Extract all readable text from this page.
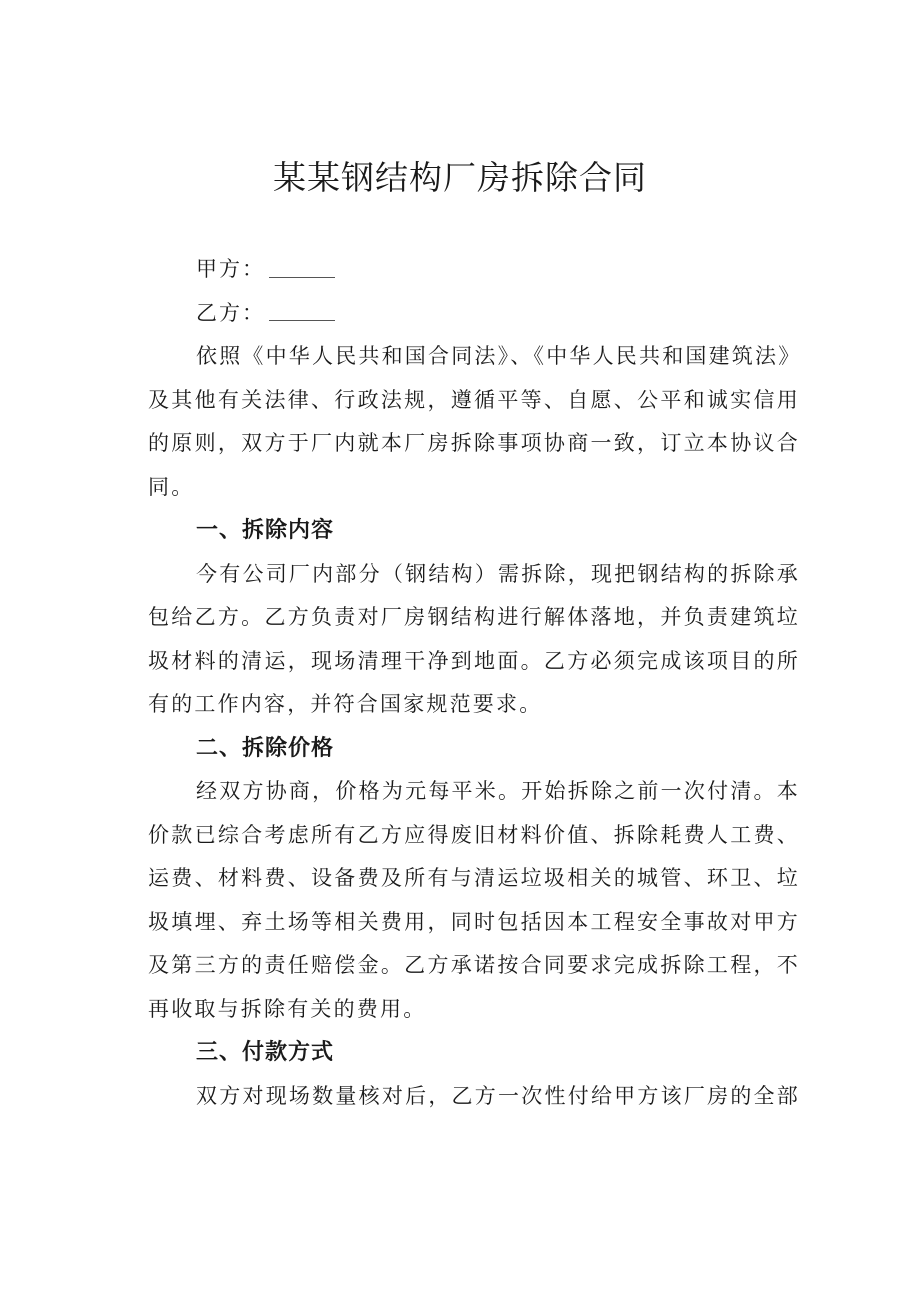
某某钢结构厂房拆除合同
甲方：
乙方：

依照《中华人民共和国合同法》、《中华人民共和国建筑法》

及其他有关法律、行政法规，遵循平等、自愿、公平和诚实信用

的原则，双方于厂内就本厂房拆除事项协商一致，订立本协议合

同。

一、拆除内容

今有公司厂内部分（钢结构）需拆除，现把钢结构的拆除承

包给乙方。乙方负责对厂房钢结构进行解体落地，并负责建筑垃

圾材料的清运，现场清理干净到地面。乙方必须完成该项目的所

有的工作内容，并符合国家规范要求。

二、拆除价格

经双方协商，价格为元每平米。开始拆除之前一次付清。本

价款已综合考虑所有乙方应得废旧材料价值、拆除耗费人工费、

运费、材料费、设备费及所有与清运垃圾相关的城管、环卫、垃

圾填埋、弃土场等相关费用，同时包括因本工程安全事故对甲方

及第三方的责任赔偿金。乙方承诺按合同要求完成拆除工程，不

再收取与拆除有关的费用。

三、付款方式

双方对现场数量核对后，乙方一次性付给甲方该厂房的全部
